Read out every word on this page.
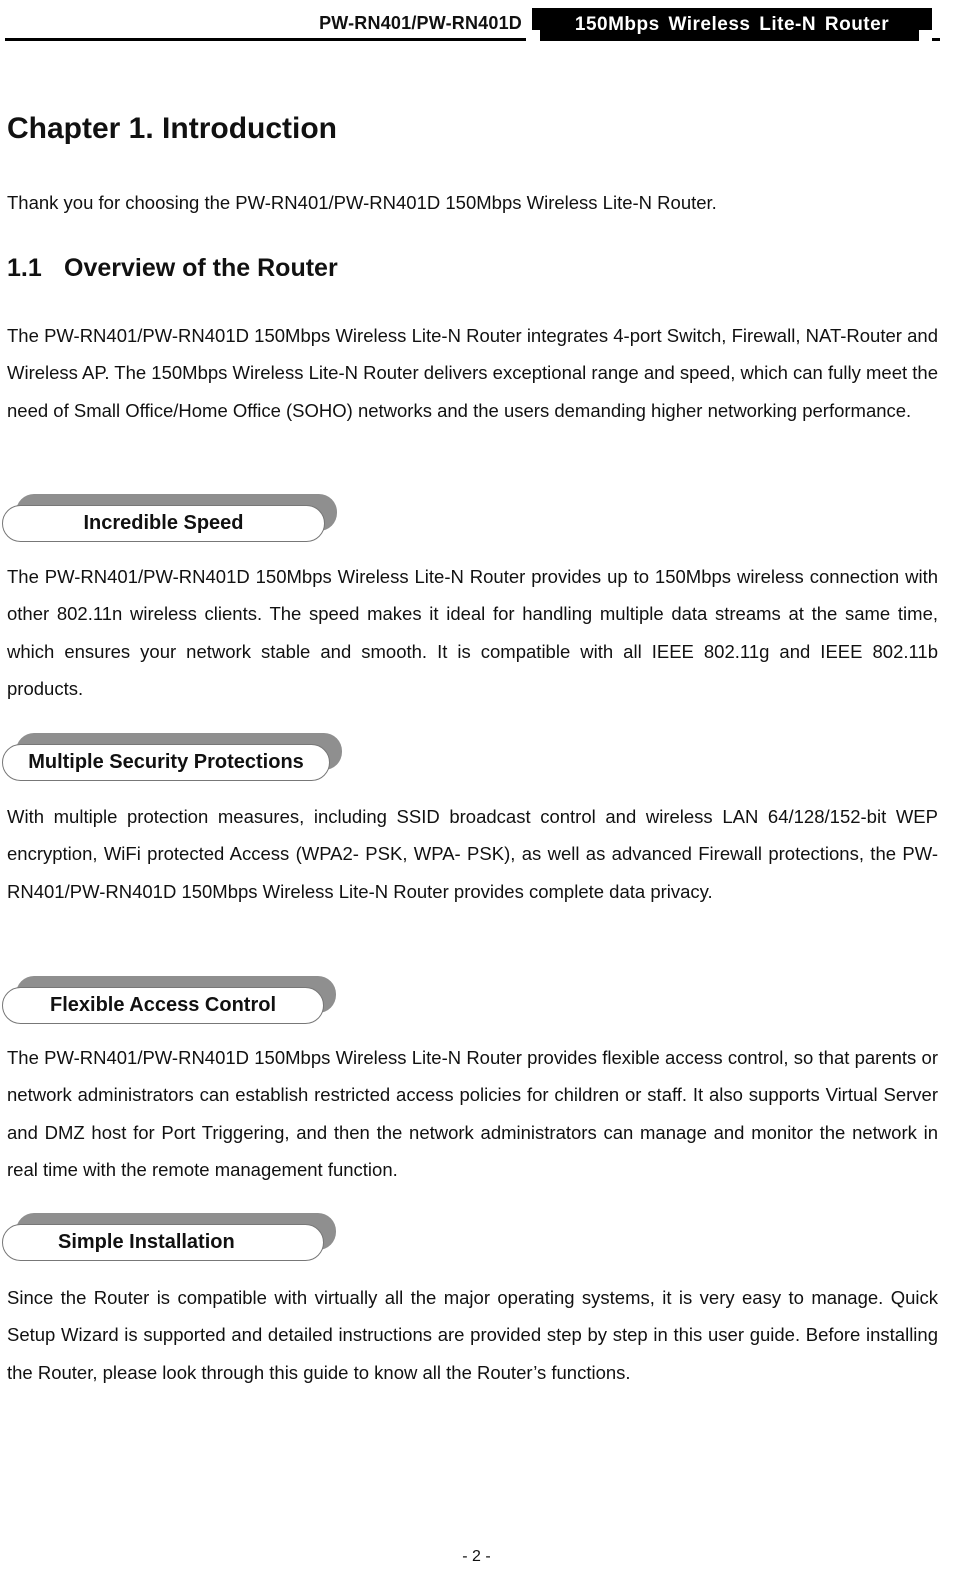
PW-RN401/PW-RN401D	150Mbps Wireless Lite-N Router
Chapter 1. Introduction

Thank you for choosing the PW-RN401/PW-RN401D 150Mbps Wireless Lite-N Router.

1.1 Overview of the Router

The PW-RN401/PW-RN401D 150Mbps Wireless Lite-N Router integrates 4-port Switch, Firewall, NAT-Router and Wireless AP. The 150Mbps Wireless Lite-N Router delivers exceptional range and speed, which can fully meet the need of Small Office/Home Office (SOHO) networks and the users demanding higher networking performance.

Incredible Speed

The PW-RN401/PW-RN401D 150Mbps Wireless Lite-N Router provides up to 150Mbps wireless connection with other 802.11n wireless clients. The speed makes it ideal for handling multiple data streams at the same time, which ensures your network stable and smooth. It is compatible with all IEEE 802.11g and IEEE 802.11b products.

Multiple Security Protections

With multiple protection measures, including SSID broadcast control and wireless LAN 64/128/152-bit WEP encryption, WiFi protected Access (WPA2- PSK, WPA- PSK), as well as advanced Firewall protections, the PW-RN401/PW-RN401D 150Mbps Wireless Lite-N Router provides complete data privacy.

Flexible Access Control

The PW-RN401/PW-RN401D 150Mbps Wireless Lite-N Router provides flexible access control, so that parents or network administrators can establish restricted access policies for children or staff. It also supports Virtual Server and DMZ host for Port Triggering, and then the network administrators can manage and monitor the network in real time with the remote management function.

Simple Installation

Since the Router is compatible with virtually all the major operating systems, it is very easy to manage. Quick Setup Wizard is supported and detailed instructions are provided step by step in this user guide. Before installing the Router, please look through this guide to know all the Router’s functions.

- 2 -
